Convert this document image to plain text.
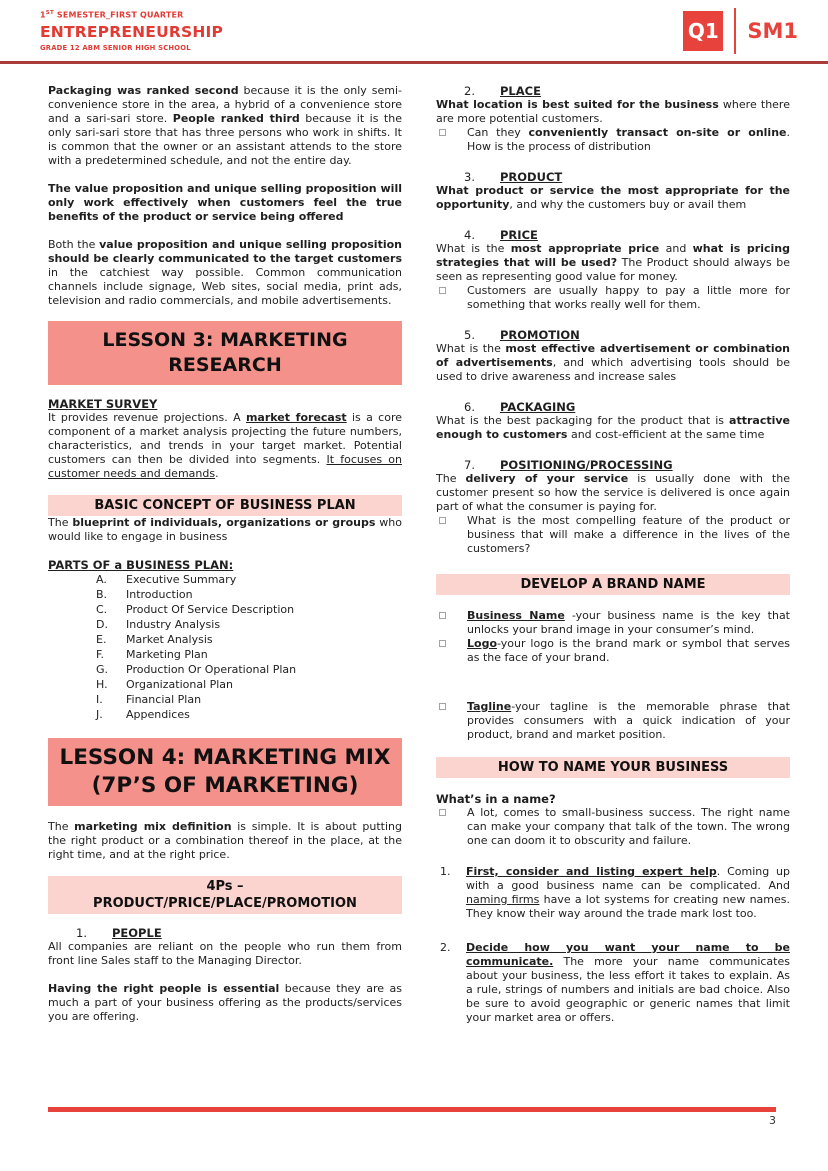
1ST SEMESTER_FIRST QUARTER
ENTREPRENEURSHIP
GRADE 12 ABM SENIOR HIGH SCHOOL
Q1 SM1

Packaging was ranked second because it is the only semi-convenience store in the area, a hybrid of a convenience store and a sari-sari store. People ranked third because it is the only sari-sari store that has three persons who work in shifts. It is common that the owner or an assistant attends to the store with a predetermined schedule, and not the entire day.

The value proposition and unique selling proposition will only work effectively when customers feel the true benefits of the product or service being offered

Both the value proposition and unique selling proposition should be clearly communicated to the target customers in the catchiest way possible. Common communication channels include signage, Web sites, social media, print ads, television and radio commercials, and mobile advertisements.

LESSON 3: MARKETING
RESEARCH

MARKET SURVEY

It provides revenue projections. A market forecast is a core component of a market analysis projecting the future numbers, characteristics, and trends in your target market. Potential customers can then be divided into segments. It focuses on customer needs and demands.

BASIC CONCEPT OF BUSINESS PLAN

The blueprint of individuals, organizations or groups who would like to engage in business

PARTS OF a BUSINESS PLAN:

A.	Executive Summary
B.	Introduction
C.	Product Of Service Description
D.	Industry Analysis
E.	Market Analysis
F.	Marketing Plan
G.	Production Or Operational Plan
H.	Organizational Plan
I.	Financial Plan
J.	Appendices
LESSON 4: MARKETING MIX
(7P’S OF MARKETING)

The marketing mix definition is simple. It is about putting the right product or a combination thereof in the place, at the right time, and at the right price.

4Ps –
PRODUCT/PRICE/PLACE/PROMOTION
1.	PEOPLE

All companies are reliant on the people who run them from front line Sales staff to the Managing Director.

Having the right people is essential because they are as much a part of your business offering as the products/services you are offering.

2.	PLACE

What location is best suited for the business where there are more potential customers.

Can they conveniently transact on-site or online. How is the process of distribution
3.	PRODUCT

What product or service the most appropriate for the opportunity, and why the customers buy or avail them

4.	PRICE

What is the most appropriate price and what is pricing strategies that will be used? The Product should always be seen as representing good value for money.

Customers are usually happy to pay a little more for something that works really well for them.
5.	PROMOTION

What is the most effective advertisement or combination of advertisements, and which advertising tools should be used to drive awareness and increase sales

6.	PACKAGING

What is the best packaging for the product that is attractive enough to customers and cost-efficient at the same time

7.	POSITIONING/PROCESSING

The delivery of your service is usually done with the customer present so how the service is delivered is once again part of what the consumer is paying for.

What is the most compelling feature of the product or business that will make a difference in the lives of the customers?
DEVELOP A BRAND NAME
Business Name -your business name is the key that unlocks your brand image in your consumer’s mind.
Logo-your logo is the brand mark or symbol that serves as the face of your brand.
Tagline-your tagline is the memorable phrase that provides consumers with a quick indication of your product, brand and market position.
HOW TO NAME YOUR BUSINESS

What’s in a name?

A lot, comes to small-business success. The right name can make your company that talk of the town. The wrong one can doom it to obscurity and failure.
1.	First, consider and listing expert help. Coming up with a good business name can be complicated. And naming firms have a lot systems for creating new names. They know their way around the trade mark lost too.
2.	Decide how you want your name to be communicate. The more your name communicates about your business, the less effort it takes to explain. As a rule, strings of numbers and initials are bad choice. Also be sure to avoid geographic or generic names that limit your market area or offers.
3
